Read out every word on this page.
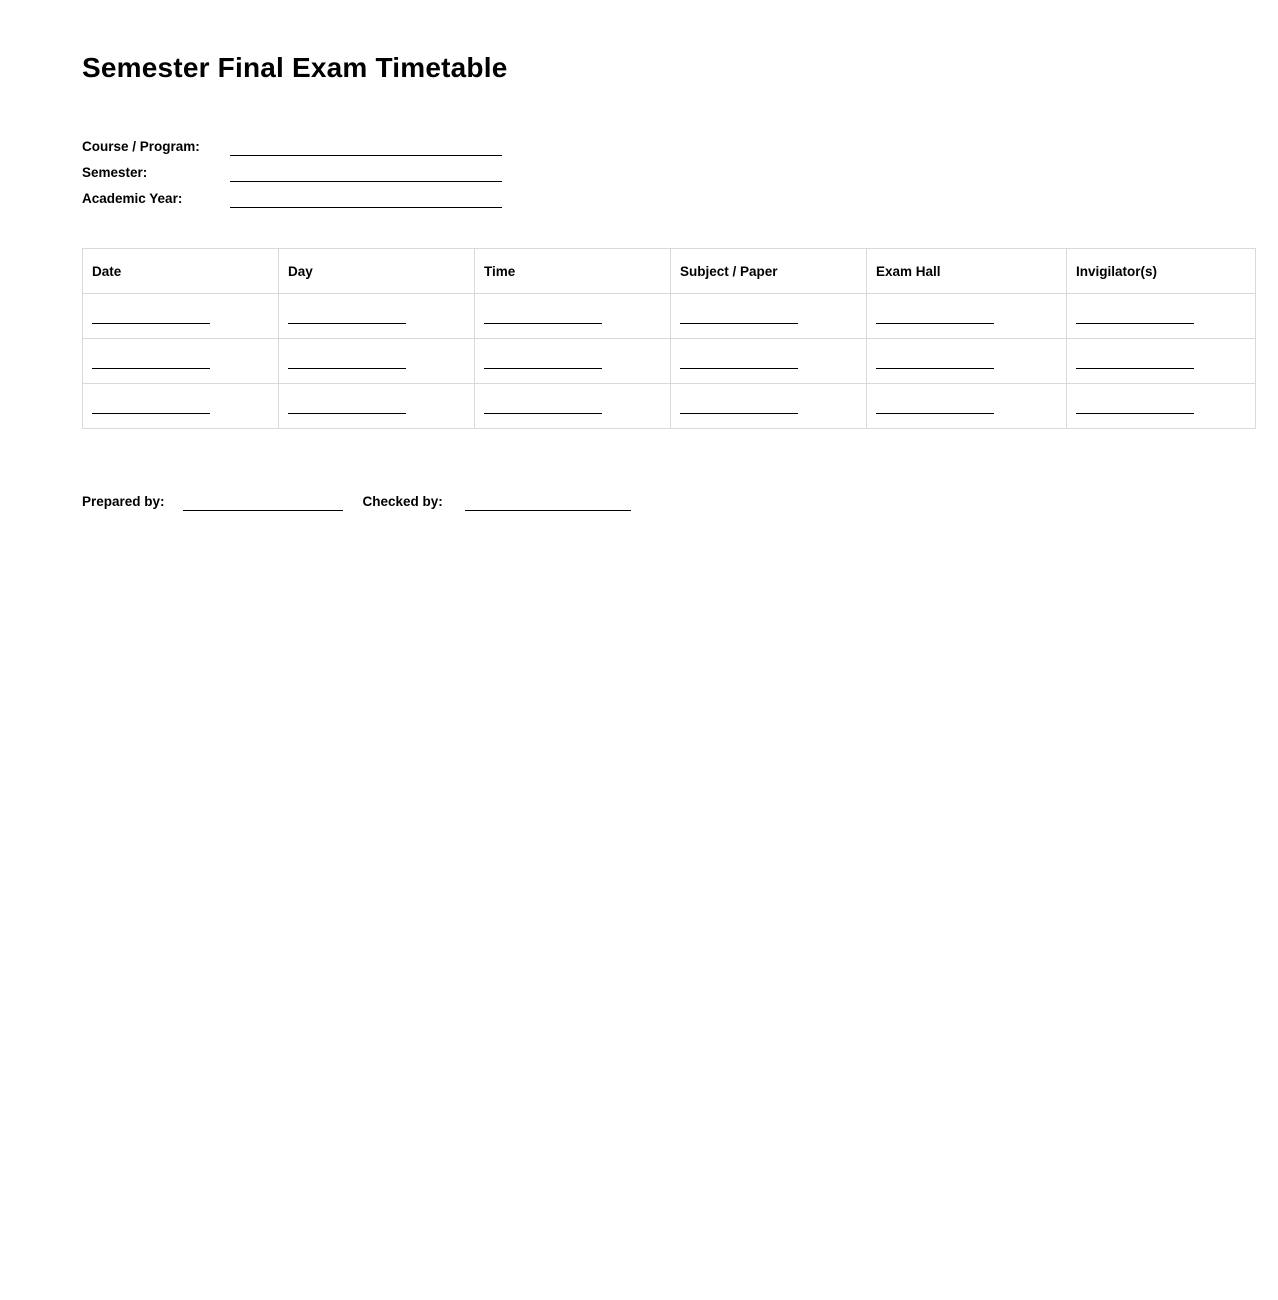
Semester Final Exam Timetable
Course / Program:
Semester:
Academic Year:
Date	Day	Time	Subject / Paper	Exam Hall	Invigilator(s)

Prepared by:	Checked by:
